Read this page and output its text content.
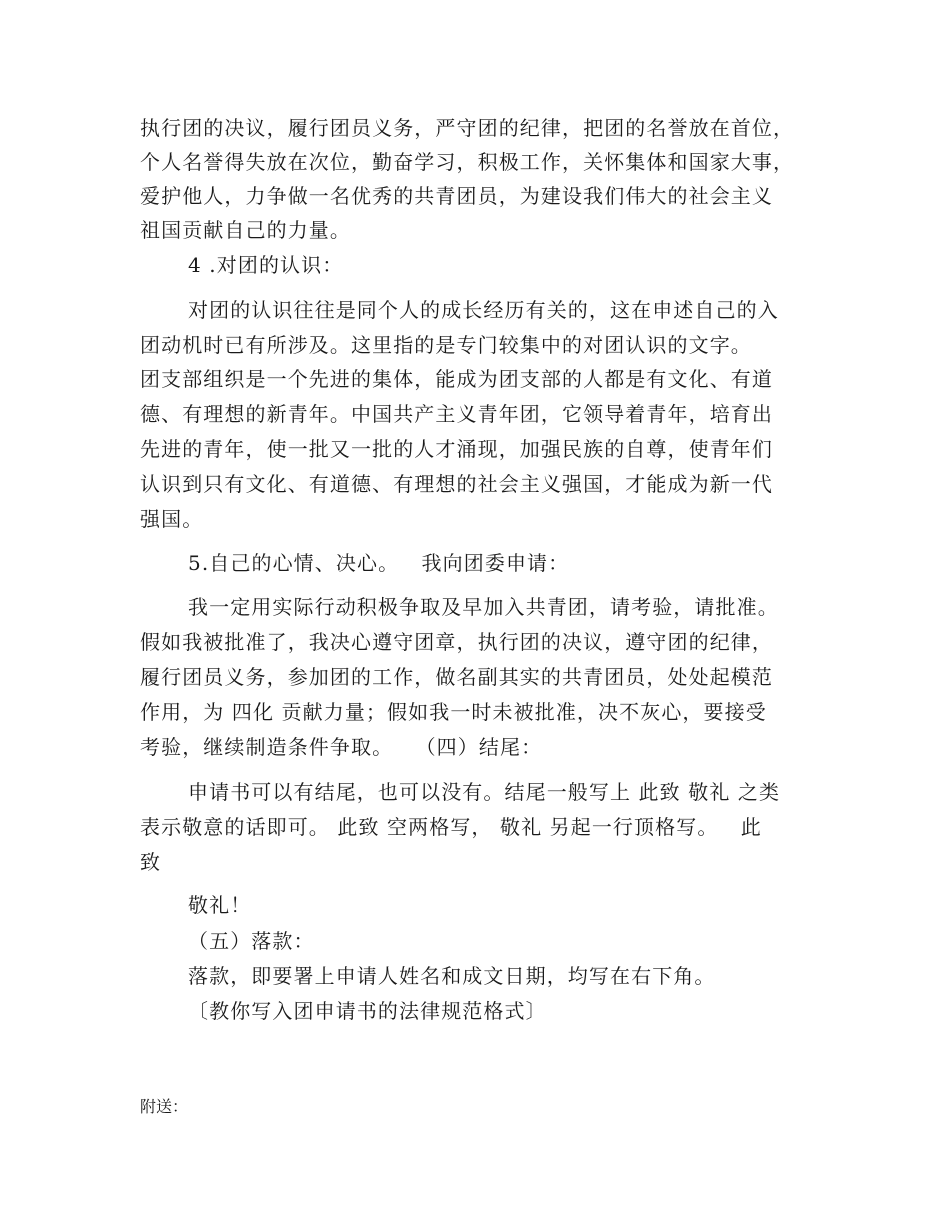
执行团的决议，履行团员义务，严守团的纪律，把团的名誉放在首位，
个人名誉得失放在次位，勤奋学习，积极工作，关怀集体和国家大事，
爱护他人，力争做一名优秀的共青团员，为建设我们伟大的社会主义
祖国贡献自己的力量。
4 .对团的认识：
对团的认识往往是同个人的成长经历有关的，这在申述自己的入
团动机时已有所涉及。这里指的是专门较集中的对团认识的文字。
团支部组织是一个先进的集体，能成为团支部的人都是有文化、有道
德、有理想的新青年。中国共产主义青年团，它领导着青年，培育出
先进的青年，使一批又一批的人才涌现，加强民族的自尊，使青年们
认识到只有文化、有道德、有理想的社会主义强国，才能成为新一代
强国。
5.自己的心情、决心。   我向团委申请：
我一定用实际行动积极争取及早加入共青团，请考验，请批准。
假如我被批准了，我决心遵守团章，执行团的决议，遵守团的纪律，
履行团员义务，参加团的工作，做名副其实的共青团员，处处起模范
作用，为 四化 贡献力量；假如我一时未被批准，决不灰心，要接受
考验，继续制造条件争取。   （四）结尾：
申请书可以有结尾，也可以没有。结尾一般写上 此致 敬礼 之类
表示敬意的话即可。 此致 空两格写， 敬礼 另起一行顶格写。   此
致
敬礼！
（五）落款：
落款，即要署上申请人姓名和成文日期，均写在右下角。
〔教你写入团申请书的法律规范格式〕
附送：
